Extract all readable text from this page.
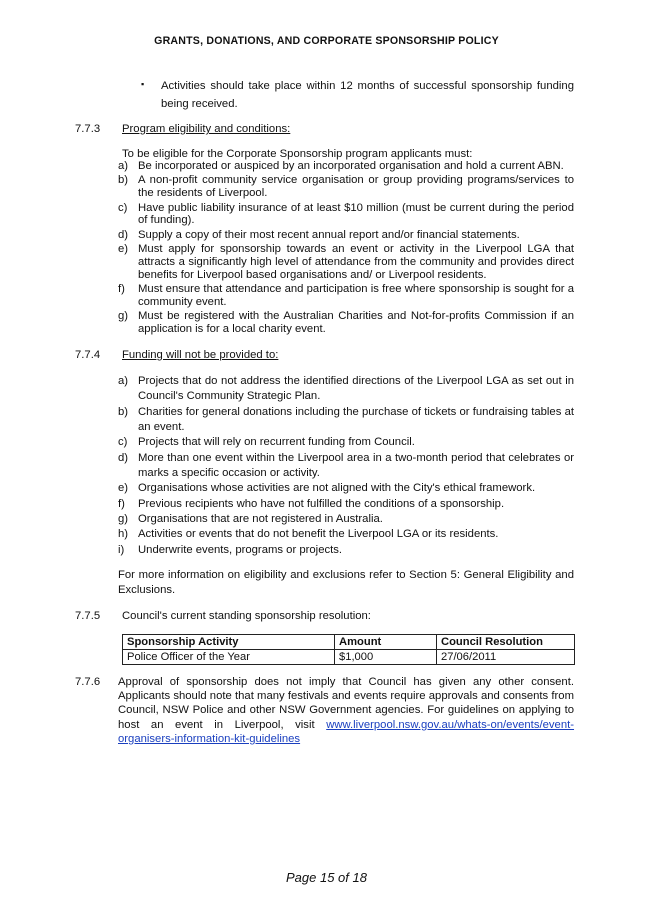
GRANTS, DONATIONS, AND CORPORATE SPONSORSHIP POLICY
▪ Activities should take place within 12 months of successful sponsorship funding being received.
7.7.3 Program eligibility and conditions:
To be eligible for the Corporate Sponsorship program applicants must:
a) Be incorporated or auspiced by an incorporated organisation and hold a current ABN.
b) A non-profit community service organisation or group providing programs/services to the residents of Liverpool.
c) Have public liability insurance of at least $10 million (must be current during the period of funding).
d) Supply a copy of their most recent annual report and/or financial statements.
e) Must apply for sponsorship towards an event or activity in the Liverpool LGA that attracts a significantly high level of attendance from the community and provides direct benefits for Liverpool based organisations and/ or Liverpool residents.
f) Must ensure that attendance and participation is free where sponsorship is sought for a community event.
g) Must be registered with the Australian Charities and Not-for-profits Commission if an application is for a local charity event.
7.7.4 Funding will not be provided to:
a) Projects that do not address the identified directions of the Liverpool LGA as set out in Council's Community Strategic Plan.
b) Charities for general donations including the purchase of tickets or fundraising tables at an event.
c) Projects that will rely on recurrent funding from Council.
d) More than one event within the Liverpool area in a two-month period that celebrates or marks a specific occasion or activity.
e) Organisations whose activities are not aligned with the City's ethical framework.
f) Previous recipients who have not fulfilled the conditions of a sponsorship.
g) Organisations that are not registered in Australia.
h) Activities or events that do not benefit the Liverpool LGA or its residents.
i) Underwrite events, programs or projects.
For more information on eligibility and exclusions refer to Section 5: General Eligibility and Exclusions.
7.7.5 Council's current standing sponsorship resolution:
Sponsorship Activity	Amount	Council Resolution
Police Officer of the Year	$1,000	27/06/2011
7.7.6 Approval of sponsorship does not imply that Council has given any other consent. Applicants should note that many festivals and events require approvals and consents from Council, NSW Police and other NSW Government agencies. For guidelines on applying to host an event in Liverpool, visit www.liverpool.nsw.gov.au/whats-on/events/event-organisers-information-kit-guidelines
Page 15 of 18
